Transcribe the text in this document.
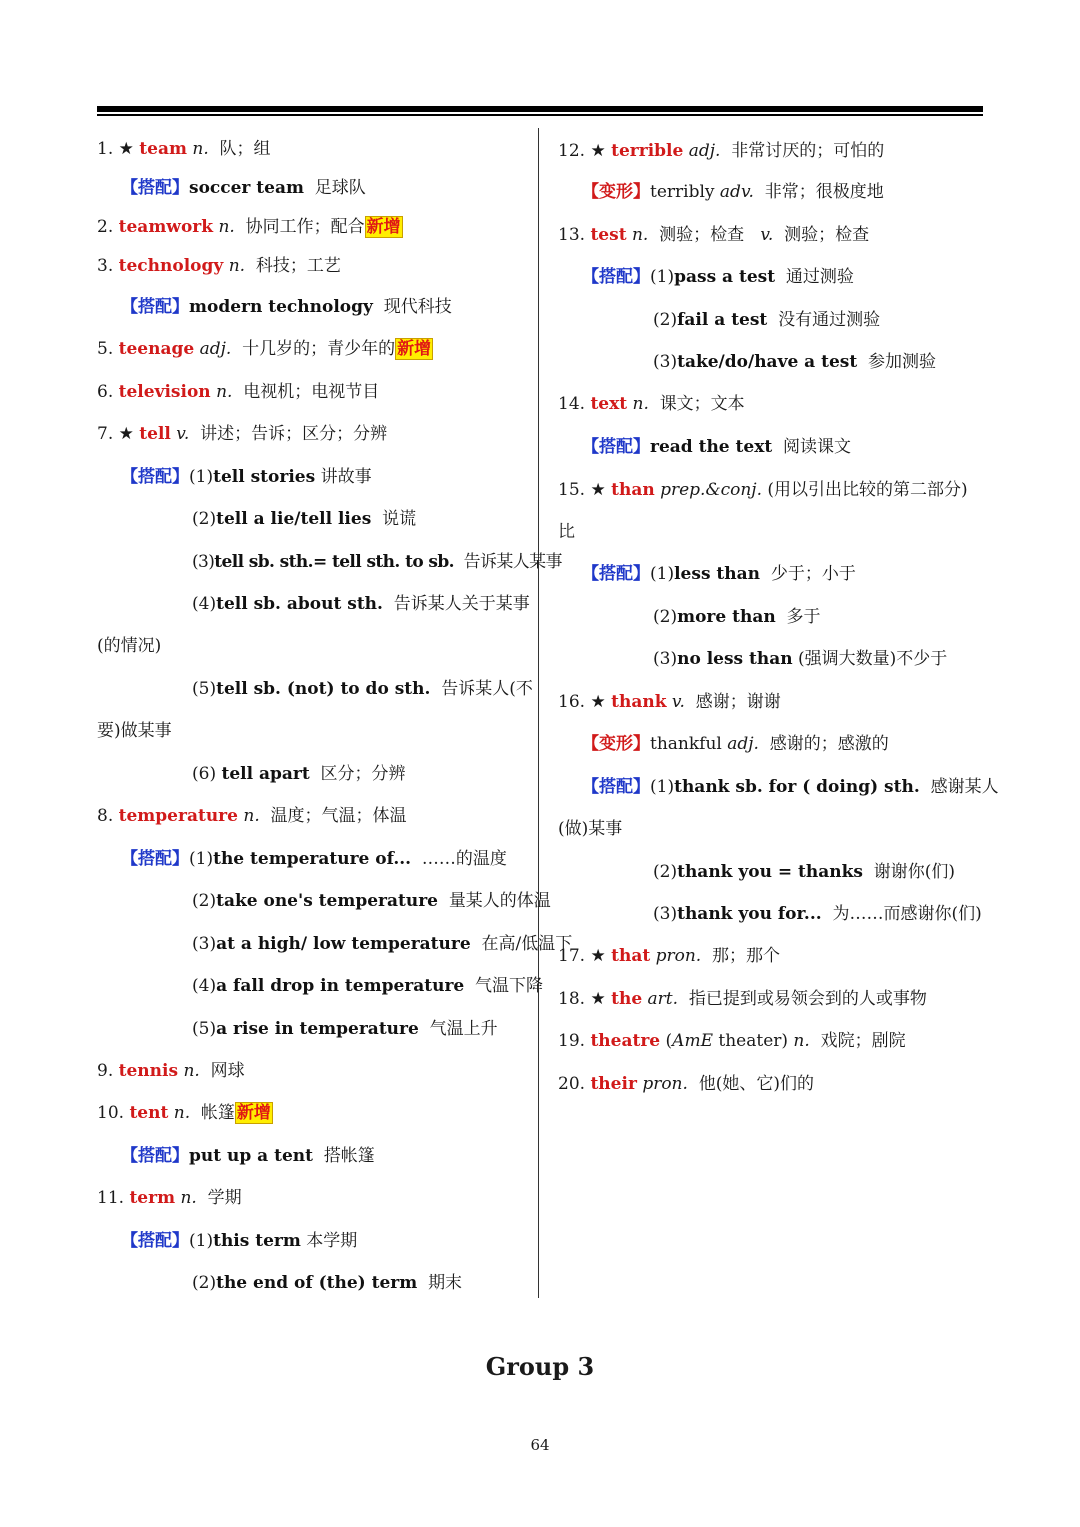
1. ★ team n. 队；组
【搭配】soccer team 足球队
2. teamwork n. 协同工作；配合 新增
3. technology n. 科技；工艺
【搭配】modern technology 现代科技
5. teenage adj. 十几岁的；青少年的 新增
6. television n. 电视机；电视节目
7. ★ tell v. 讲述；告诉；区分；分辨
【搭配】(1)tell stories 讲故事
(2)tell a lie/tell lies 说谎
(3)tell sb. sth.= tell sth. to sb. 告诉某人某事
(4)tell sb. about sth. 告诉某人关于某事
(的情况)
(5)tell sb. (not) to do sth. 告诉某人(不
要)做某事
(6) tell apart 区分；分辨
8. temperature n. 温度；气温；体温
【搭配】(1)the temperature of... ……的温度
(2)take one's temperature 量某人的体温
(3)at a high/ low temperature 在高/低温下
(4)a fall drop in temperature 气温下降
(5)a rise in temperature 气温上升
9. tennis n. 网球
10. tent n. 帐篷 新增
【搭配】put up a tent 搭帐篷
11. term n. 学期
【搭配】(1)this term 本学期
(2)the end of (the) term 期末
12. ★ terrible adj. 非常讨厌的；可怕的
【变形】terribly adv. 非常；很极度地
13. test n. 测验；检查 v. 测验；检查
【搭配】(1)pass a test 通过测验
(2)fail a test 没有通过测验
(3)take/do/have a test 参加测验
14. text n. 课文；文本
【搭配】read the text 阅读课文
15. ★ than prep.&conj. (用以引出比较的第二部分)
比
【搭配】(1)less than 少于；小于
(2)more than 多于
(3)no less than (强调大数量)不少于
16. ★ thank v. 感谢；谢谢
【变形】thankful adj. 感谢的；感激的
【搭配】(1)thank sb. for ( doing) sth. 感谢某人
(做)某事
(2)thank you = thanks 谢谢你(们)
(3)thank you for... 为……而感谢你(们)
17. ★ that pron. 那；那个
18. ★ the art. 指已提到或易领会到的人或事物
19. theatre (AmE theater) n. 戏院；剧院
20. their pron. 他(她、它)们的
Group 3
64
